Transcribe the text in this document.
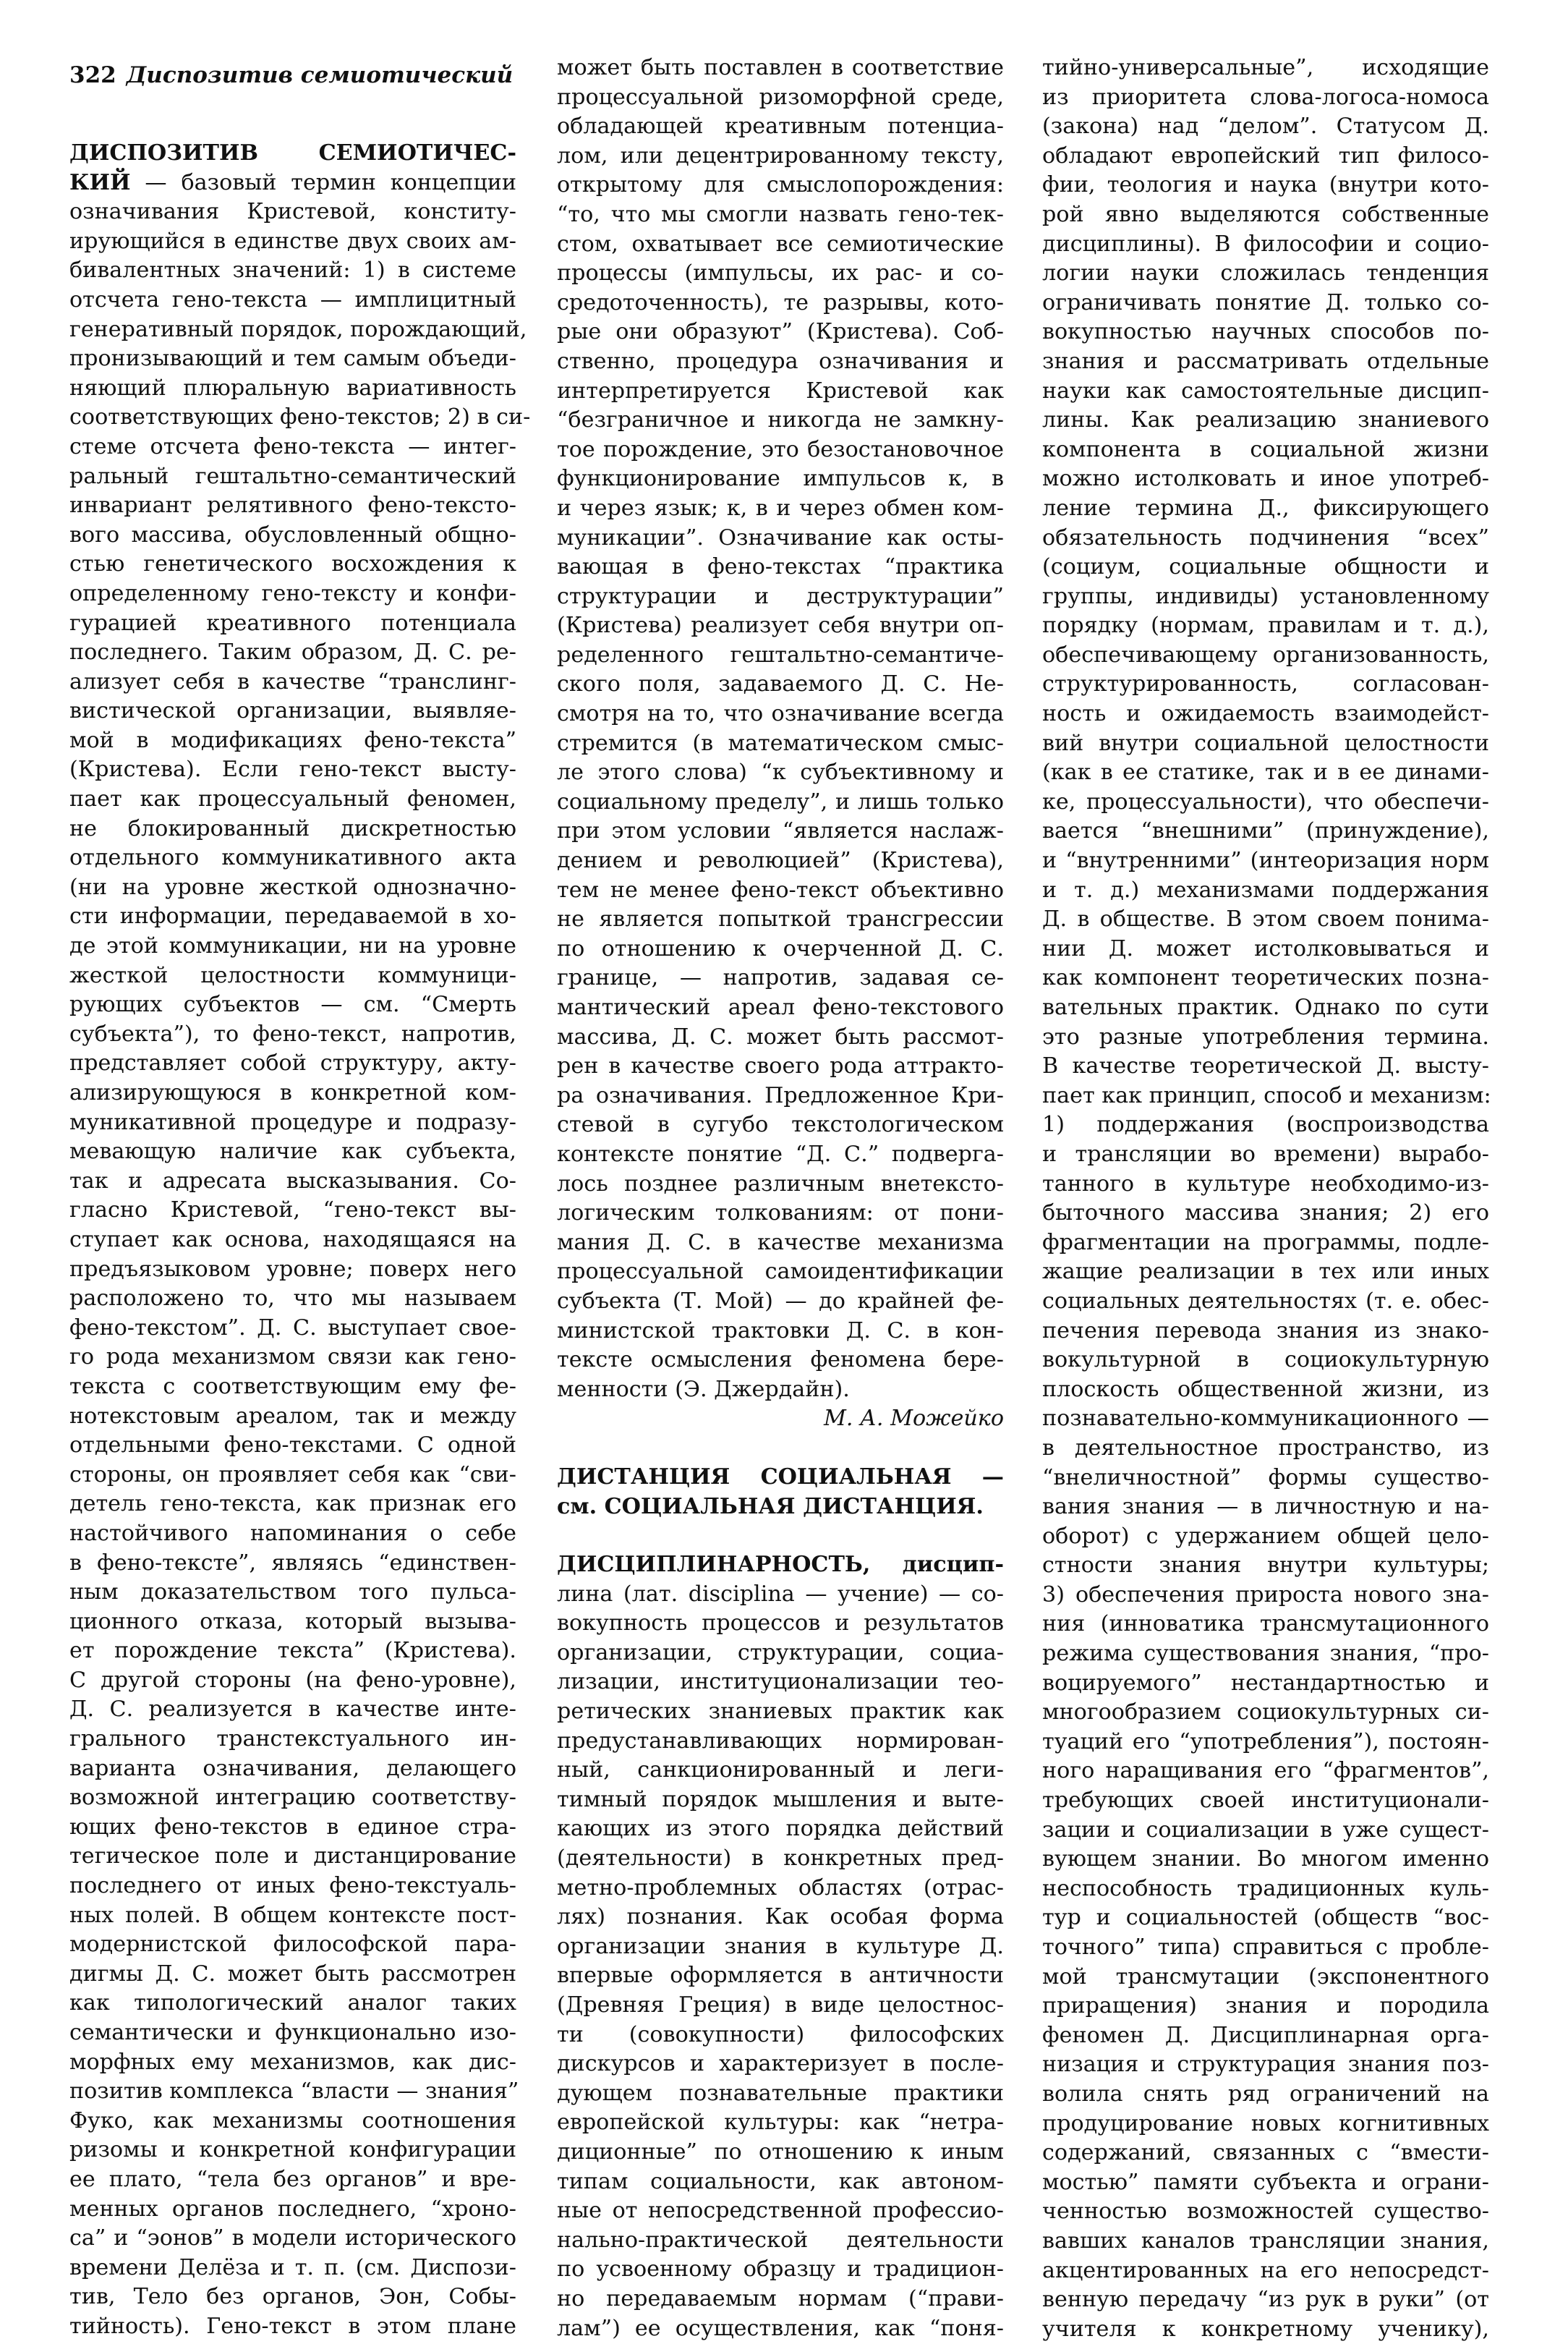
322 Диспозитив семиотический
ДИСПОЗИТИВ СЕМИОТИЧЕС-
КИЙ — базовый термин концепции
означивания Кристевой, конститу-
ирующийся в единстве двух своих ам-
бивалентных значений: 1) в системе
отсчета гено-текста — имплицитный
генеративный порядок, порождающий,
пронизывающий и тем самым объеди-
няющий плюральную вариативность
соответствующих фено-текстов; 2) в си-
стеме отсчета фено-текста — интег-
ральный гештальтно-семантический
инвариант релятивного фено-тексто-
вого массива, обусловленный общно-
стью генетического восхождения к
определенному гено-тексту и конфи-
гурацией креативного потенциала
последнего. Таким образом, Д. С. ре-
ализует себя в качестве “транслинг-
вистической организации, выявляе-
мой в модификациях фено-текста”
(Кристева). Если гено-текст высту-
пает как процессуальный феномен,
не блокированный дискретностью
отдельного коммуникативного акта
(ни на уровне жесткой однозначно-
сти информации, передаваемой в хо-
де этой коммуникации, ни на уровне
жесткой целостности коммуници-
рующих субъектов — см. “Смерть
субъекта”), то фено-текст, напротив,
представляет собой структуру, акту-
ализирующуюся в конкретной ком-
муникативной процедуре и подразу-
мевающую наличие как субъекта,
так и адресата высказывания. Со-
гласно Кристевой, “гено-текст вы-
ступает как основа, находящаяся на
предъязыковом уровне; поверх него
расположено то, что мы называем
фено-текстом”. Д. С. выступает свое-
го рода механизмом связи как гено-
текста с соответствующим ему фе-
нотекстовым ареалом, так и между
отдельными фено-текстами. С одной
стороны, он проявляет себя как “сви-
детель гено-текста, как признак его
настойчивого напоминания о себе
в фено-тексте”, являясь “единствен-
ным доказательством того пульса-
ционного отказа, который вызыва-
ет порождение текста” (Кристева).
С другой стороны (на фено-уровне),
Д. С. реализуется в качестве инте-
грального транстекстуального ин-
варианта означивания, делающего
возможной интеграцию соответству-
ющих фено-текстов в единое стра-
тегическое поле и дистанцирование
последнего от иных фено-текстуаль-
ных полей. В общем контексте пост-
модернистской философской пара-
дигмы Д. С. может быть рассмотрен
как типологический аналог таких
семантически и функционально изо-
морфных ему механизмов, как дис-
позитив комплекса “власти — знания”
Фуко, как механизмы соотношения
ризомы и конкретной конфигурации
ее плато, “тела без органов” и вре-
менных органов последнего, “хроно-
са” и “эонов” в модели исторического
времени Делёза и т. п. (см. Диспози-
тив, Тело без органов, Эон, Собы-
тийность). Гено-текст в этом плане
может быть поставлен в соответствие
процессуальной ризоморфной среде,
обладающей креативным потенциа-
лом, или децентрированному тексту,
открытому для смыслопорождения:
“то, что мы смогли назвать гено-тек-
стом, охватывает все семиотические
процессы (импульсы, их рас- и со-
средоточенность), те разрывы, кото-
рые они образуют” (Кристева). Соб-
ственно, процедура означивания и
интерпретируется Кристевой как
“безграничное и никогда не замкну-
тое порождение, это безостановочное
функционирование импульсов к, в
и через язык; к, в и через обмен ком-
муникации”. Означивание как осты-
вающая в фено-текстах “практика
структурации и деструктурации”
(Кристева) реализует себя внутри оп-
ределенного гештальтно-семантиче-
ского поля, задаваемого Д. С. Не-
смотря на то, что означивание всегда
стремится (в математическом смыс-
ле этого слова) “к субъективному и
социальному пределу”, и лишь только
при этом условии “является наслаж-
дением и революцией” (Кристева),
тем не менее фено-текст объективно
не является попыткой трансгрессии
по отношению к очерченной Д. С.
границе, — напротив, задавая се-
мантический ареал фено-текстового
массива, Д. С. может быть рассмот-
рен в качестве своего рода аттракто-
ра означивания. Предложенное Кри-
стевой в сугубо текстологическом
контексте понятие “Д. С.” подверга-
лось позднее различным внетексто-
логическим толкованиям: от пони-
мания Д. С. в качестве механизма
процессуальной самоидентификации
субъекта (Т. Мой) — до крайней фе-
министской трактовки Д. С. в кон-
тексте осмысления феномена бере-
менности (Э. Джердайн).
М. А. Можейко
ДИСТАНЦИЯ СОЦИАЛЬНАЯ —
см. СОЦИАЛЬНАЯ ДИСТАНЦИЯ.
ДИСЦИПЛИНАРНОСТЬ, дисцип-
лина (лат. disciplina — учение) — со-
вокупность процессов и результатов
организации, структурации, социа-
лизации, институционализации тео-
ретических знаниевых практик как
предустанавливающих нормирован-
ный, санкционированный и леги-
тимный порядок мышления и выте-
кающих из этого порядка действий
(деятельности) в конкретных пред-
метно-проблемных областях (отрас-
лях) познания. Как особая форма
организации знания в культуре Д.
впервые оформляется в античности
(Древняя Греция) в виде целостнос-
ти (совокупности) философских
дискурсов и характеризует в после-
дующем познавательные практики
европейской культуры: как “нетра-
диционные” по отношению к иным
типам социальности, как автоном-
ные от непосредственной профессио-
нально-практической деятельности
по усвоенному образцу и традицион-
но передаваемым нормам (“прави-
лам”) ее осуществления, как “поня-
тийно-универсальные”, исходящие
из приоритета слова-логоса-номоса
(закона) над “делом”. Статусом Д.
обладают европейский тип филосо-
фии, теология и наука (внутри кото-
рой явно выделяются собственные
дисциплины). В философии и социо-
логии науки сложилась тенденция
ограничивать понятие Д. только со-
вокупностью научных способов по-
знания и рассматривать отдельные
науки как самостоятельные дисцип-
лины. Как реализацию знаниевого
компонента в социальной жизни
можно истолковать и иное употреб-
ление термина Д., фиксирующего
обязательность подчинения “всех”
(социум, социальные общности и
группы, индивиды) установленному
порядку (нормам, правилам и т. д.),
обеспечивающему организованность,
структурированность, согласован-
ность и ожидаемость взаимодейст-
вий внутри социальной целостности
(как в ее статике, так и в ее динами-
ке, процессуальности), что обеспечи-
вается “внешними” (принуждение),
и “внутренними” (интеоризация норм
и т. д.) механизмами поддержания
Д. в обществе. В этом своем понима-
нии Д. может истолковываться и
как компонент теоретических позна-
вательных практик. Однако по сути
это разные употребления термина.
В качестве теоретической Д. высту-
пает как принцип, способ и механизм:
1) поддержания (воспроизводства
и трансляции во времени) вырабо-
танного в культуре необходимо-из-
быточного массива знания; 2) его
фрагментации на программы, подле-
жащие реализации в тех или иных
социальных деятельностях (т. е. обес-
печения перевода знания из знако-
вокультурной в социокультурную
плоскость общественной жизни, из
познавательно-коммуникационного —
в деятельностное пространство, из
“внеличностной” формы существо-
вания знания — в личностную и на-
оборот) с удержанием общей цело-
стности знания внутри культуры;
3) обеспечения прироста нового зна-
ния (инноватика трансмутационного
режима существования знания, “про-
воцируемого” нестандартностью и
многообразием социокультурных си-
туаций его “употребления”), постоян-
ного наращивания его “фрагментов”,
требующих своей институционали-
зации и социализации в уже сущест-
вующем знании. Во многом именно
неспособность традиционных куль-
тур и социальностей (обществ “вос-
точного” типа) справиться с пробле-
мой трансмутации (экспонентного
приращения) знания и породила
феномен Д. Дисциплинарная орга-
низация и структурация знания поз-
волила снять ряд ограничений на
продуцирование новых когнитивных
содержаний, связанных с “вмести-
мостью” памяти субъекта и ограни-
ченностью возможностей существо-
вавших каналов трансляции знания,
акцентированных на его непосредст-
венную передачу “из рук в руки” (от
учителя к конкретному ученику),
